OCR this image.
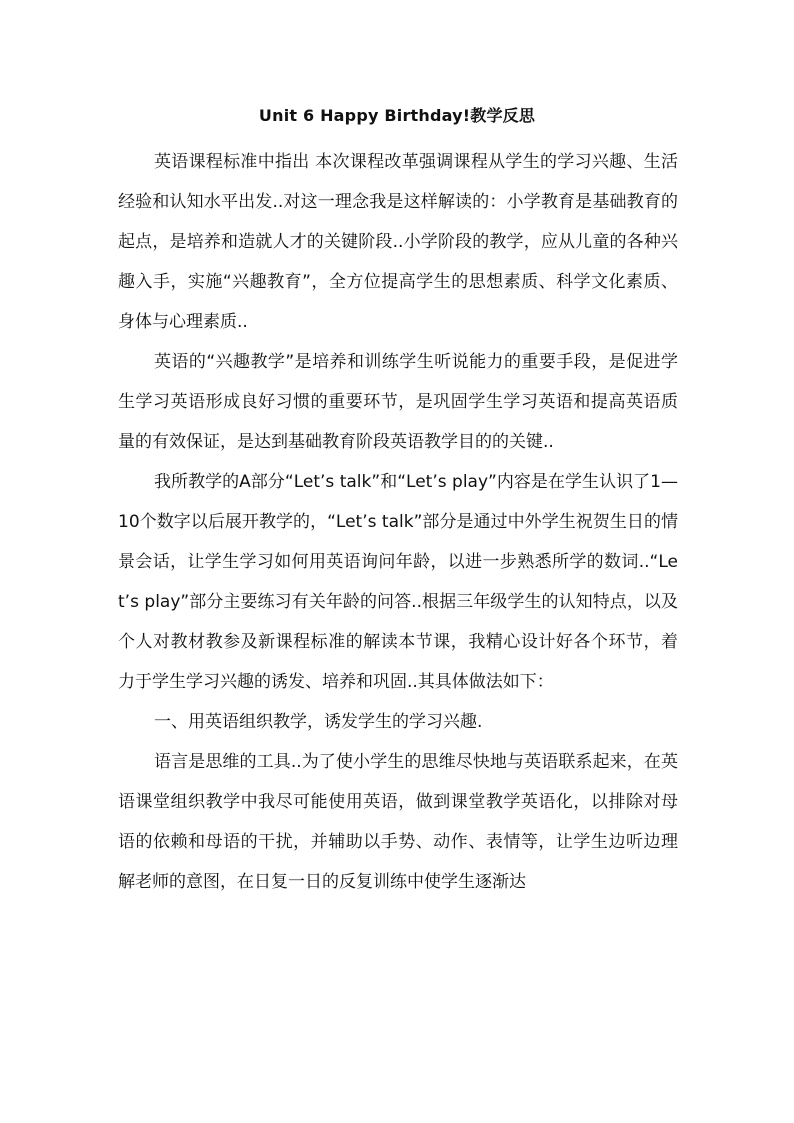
Unit 6 Happy Birthday!教学反思

英语课程标准中指出 本次课程改革强调课程从学生的学习兴趣、生活经验和认知水平出发..对这一理念我是这样解读的：小学教育是基础教育的起点，是培养和造就人才的关键阶段..小学阶段的教学，应从儿童的各种兴趣入手，实施“兴趣教育”，全方位提高学生的思想素质、科学文化素质、身体与心理素质..

英语的“兴趣教学”是培养和训练学生听说能力的重要手段，是促进学生学习英语形成良好习惯的重要环节，是巩固学生学习英语和提高英语质量的有效保证，是达到基础教育阶段英语教学目的的关键..

我所教学的A部分“Let’s talk”和“Let’s play”内容是在学生认识了1—10个数字以后展开教学的，“Let’s talk”部分是通过中外学生祝贺生日的情景会话，让学生学习如何用英语询问年龄，以进一步熟悉所学的数词..“Let’s play”部分主要练习有关年龄的问答..根据三年级学生的认知特点，以及个人对教材教参及新课程标准的解读本节课，我精心设计好各个环节，着力于学生学习兴趣的诱发、培养和巩固..其具体做法如下：

一、用英语组织教学，诱发学生的学习兴趣.

语言是思维的工具..为了使小学生的思维尽快地与英语联系起来，在英语课堂组织教学中我尽可能使用英语，做到课堂教学英语化，以排除对母语的依赖和母语的干扰，并辅助以手势、动作、表情等，让学生边听边理解老师的意图，在日复一日的反复训练中使学生逐渐达
